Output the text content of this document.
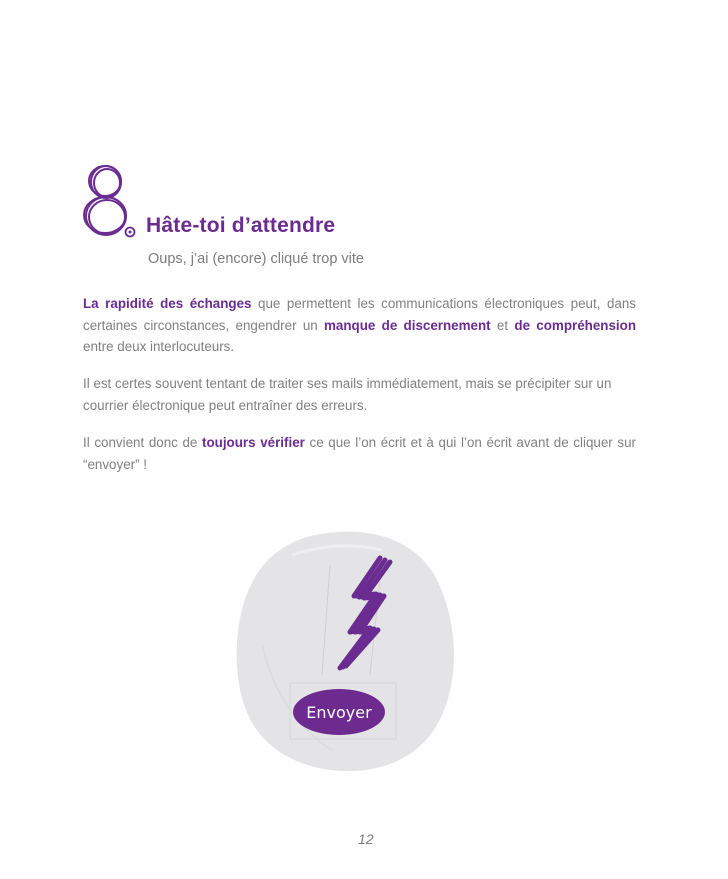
Hâte-toi d’attendre
Oups, j’ai (encore) cliqué trop vite

La rapidité des échanges que permettent les communications électroniques peut, dans certaines circonstances, engendrer un manque de discernement et de compréhension entre deux interlocuteurs.

Il est certes souvent tentant de traiter ses mails immédiatement, mais se précipiter sur un courrier électronique peut entraîner des erreurs.

Il convient donc de toujours vérifier ce que l’on écrit et à qui l’on écrit avant de cliquer sur “envoyer” !

Envoyer
12
